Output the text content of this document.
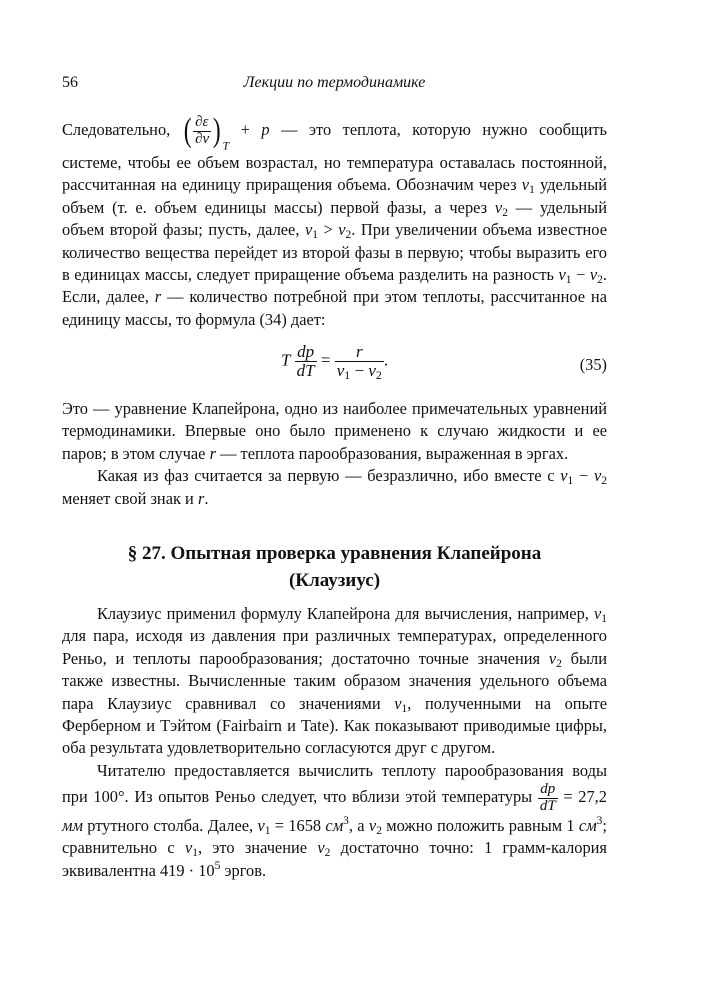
56	Лекции по термодинамике
Следовательно, ( $\frac{\partial\varepsilon}{\partial v}$ ) $_T$ + p — это теплота, которую нужно сообщить

системе, чтобы ее объем возрастал, но температура оставалась постоянной, рассчитанная на единицу приращения объема. Обозначим через $v_1$ удельный объем (т. е. объем единицы массы) первой фазы, а через $v_2$ — удельный объем второй фазы; пусть, далее, $v_1 > v_2$. При увеличении объема известное количество вещества перейдет из второй фазы в первую; чтобы выразить его в единицах массы, следует приращение объема разделить на разность $v_1 - v_2$. Если, далее, r — количество потребной при этом теплоты, рассчитанное на единицу массы, то формула (34) дает:

T $\frac{dp}{dT} = \frac{r}{v_1 - v_2}$ .	(35)

Это — уравнение Клапейрона, одно из наиболее примечательных уравнений термодинамики. Впервые оно было применено к случаю жидкости и ее паров; в этом случае r — теплота парообразования, выраженная в эргах.

Какая из фаз считается за первую — безразлично, ибо вместе с $v_1 - v_2$ меняет свой знак и r.

§ 27. Опытная проверка уравнения Клапейрона
(Клаузиус)

Клаузиус применил формулу Клапейрона для вычисления, например, $v_1$ для пара, исходя из давления при различных температурах, определенного Реньо, и теплоты парообразования; достаточно точные значения $v_2$ были также известны. Вычисленные таким образом значения удельного объема пара Клаузиус сравнивал со значениями $v_1$, полученными на опыте Ферберном и Тэйтом (Fairbairn и Tate). Как показывают приводимые цифры, оба результата удовлетворительно согласуются друг с другом.

Читателю предоставляется вычислить теплоту парообразования воды при 100°. Из опытов Реньо следует, что вблизи этой температуры $\frac{dp}{dT} = 27,2$ мм ртутного столба. Далее, $v_1 = 1658$ $см^3$, а $v_2$ можно положить равным 1 $см^3$; сравнительно с $v_1$, это значение $v_2$ достаточно точно: 1 грамм-калория эквивалентна $419 \cdot 10^5$ эргов.
